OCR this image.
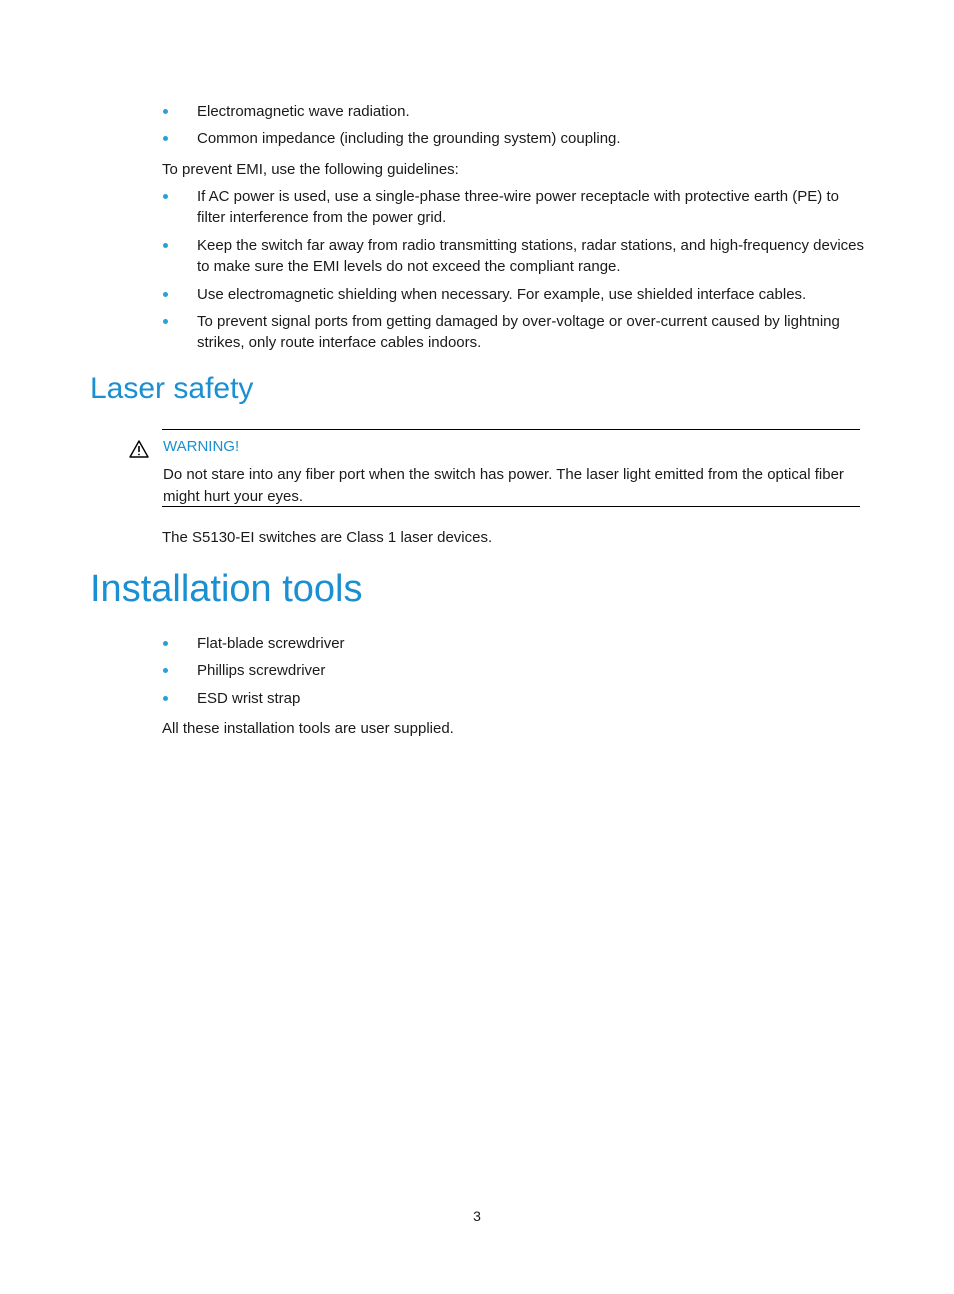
Electromagnetic wave radiation.
Common impedance (including the grounding system) coupling.
To prevent EMI, use the following guidelines:
If AC power is used, use a single-phase three-wire power receptacle with protective earth (PE) to filter interference from the power grid.
Keep the switch far away from radio transmitting stations, radar stations, and high-frequency devices to make sure the EMI levels do not exceed the compliant range.
Use electromagnetic shielding when necessary. For example, use shielded interface cables.
To prevent signal ports from getting damaged by over-voltage or over-current caused by lightning strikes, only route interface cables indoors.
Laser safety
WARNING!
Do not stare into any fiber port when the switch has power. The laser light emitted from the optical fiber might hurt your eyes.
The S5130-EI switches are Class 1 laser devices.
Installation tools
Flat-blade screwdriver
Phillips screwdriver
ESD wrist strap
All these installation tools are user supplied.
3
